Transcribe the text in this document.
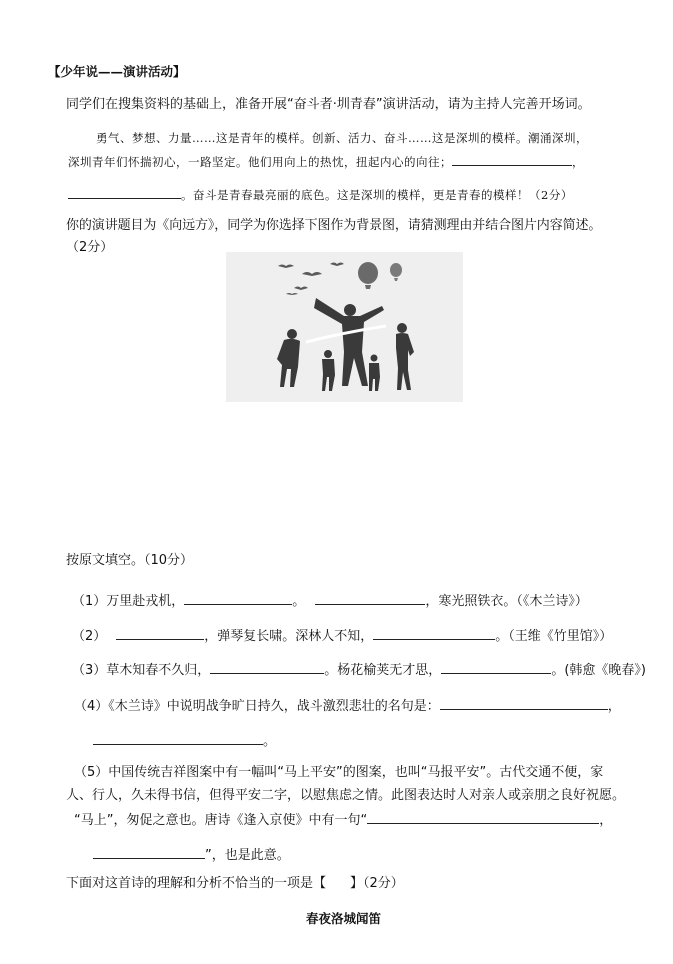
【少年说——演讲活动】
同学们在搜集资料的基础上，准备开展“奋斗者·圳青春”演讲活动，请为主持人完善开场词。
勇气、梦想、力量……这是青年的模样。创新、活力、奋斗……这是深圳的模样。潮涌深圳，
深圳青年们怀揣初心，一路坚定。他们用向上的热忱，扭起内心的向往；	，
。奋斗是青春最亮丽的底色。这是深圳的模样，更是青春的模样！（2分）
你的演讲题目为《向远方》，同学为你选择下图作为背景图，请猜测理由并结合图片内容简述。
（2分）
按原文填空。（10分）
（1）万里赴戎机，	。	，寒光照铁衣。（《木兰诗》）
（2）	，弹琴复长啸。深林人不知，	。（王维《竹里馆》）
（3）草木知春不久归，	。杨花榆荚无才思，	。(韩愈《晚春》)
（4）《木兰诗》中说明战争旷日持久，战斗激烈悲壮的名句是：	，
。
（5）中国传统吉祥图案中有一幅叫“马上平安”的图案，也叫“马报平安”。古代交通不便，家
人、行人，久未得书信，但得平安二字，以慰焦虑之情。此图表达时人对亲人或亲朋之良好祝愿。
“马上”，匆促之意也。唐诗《逢入京使》中有一句“	，
”，也是此意。
下面对这首诗的理解和分析不恰当的一项是【 】（2分）
春夜洛城闻笛
